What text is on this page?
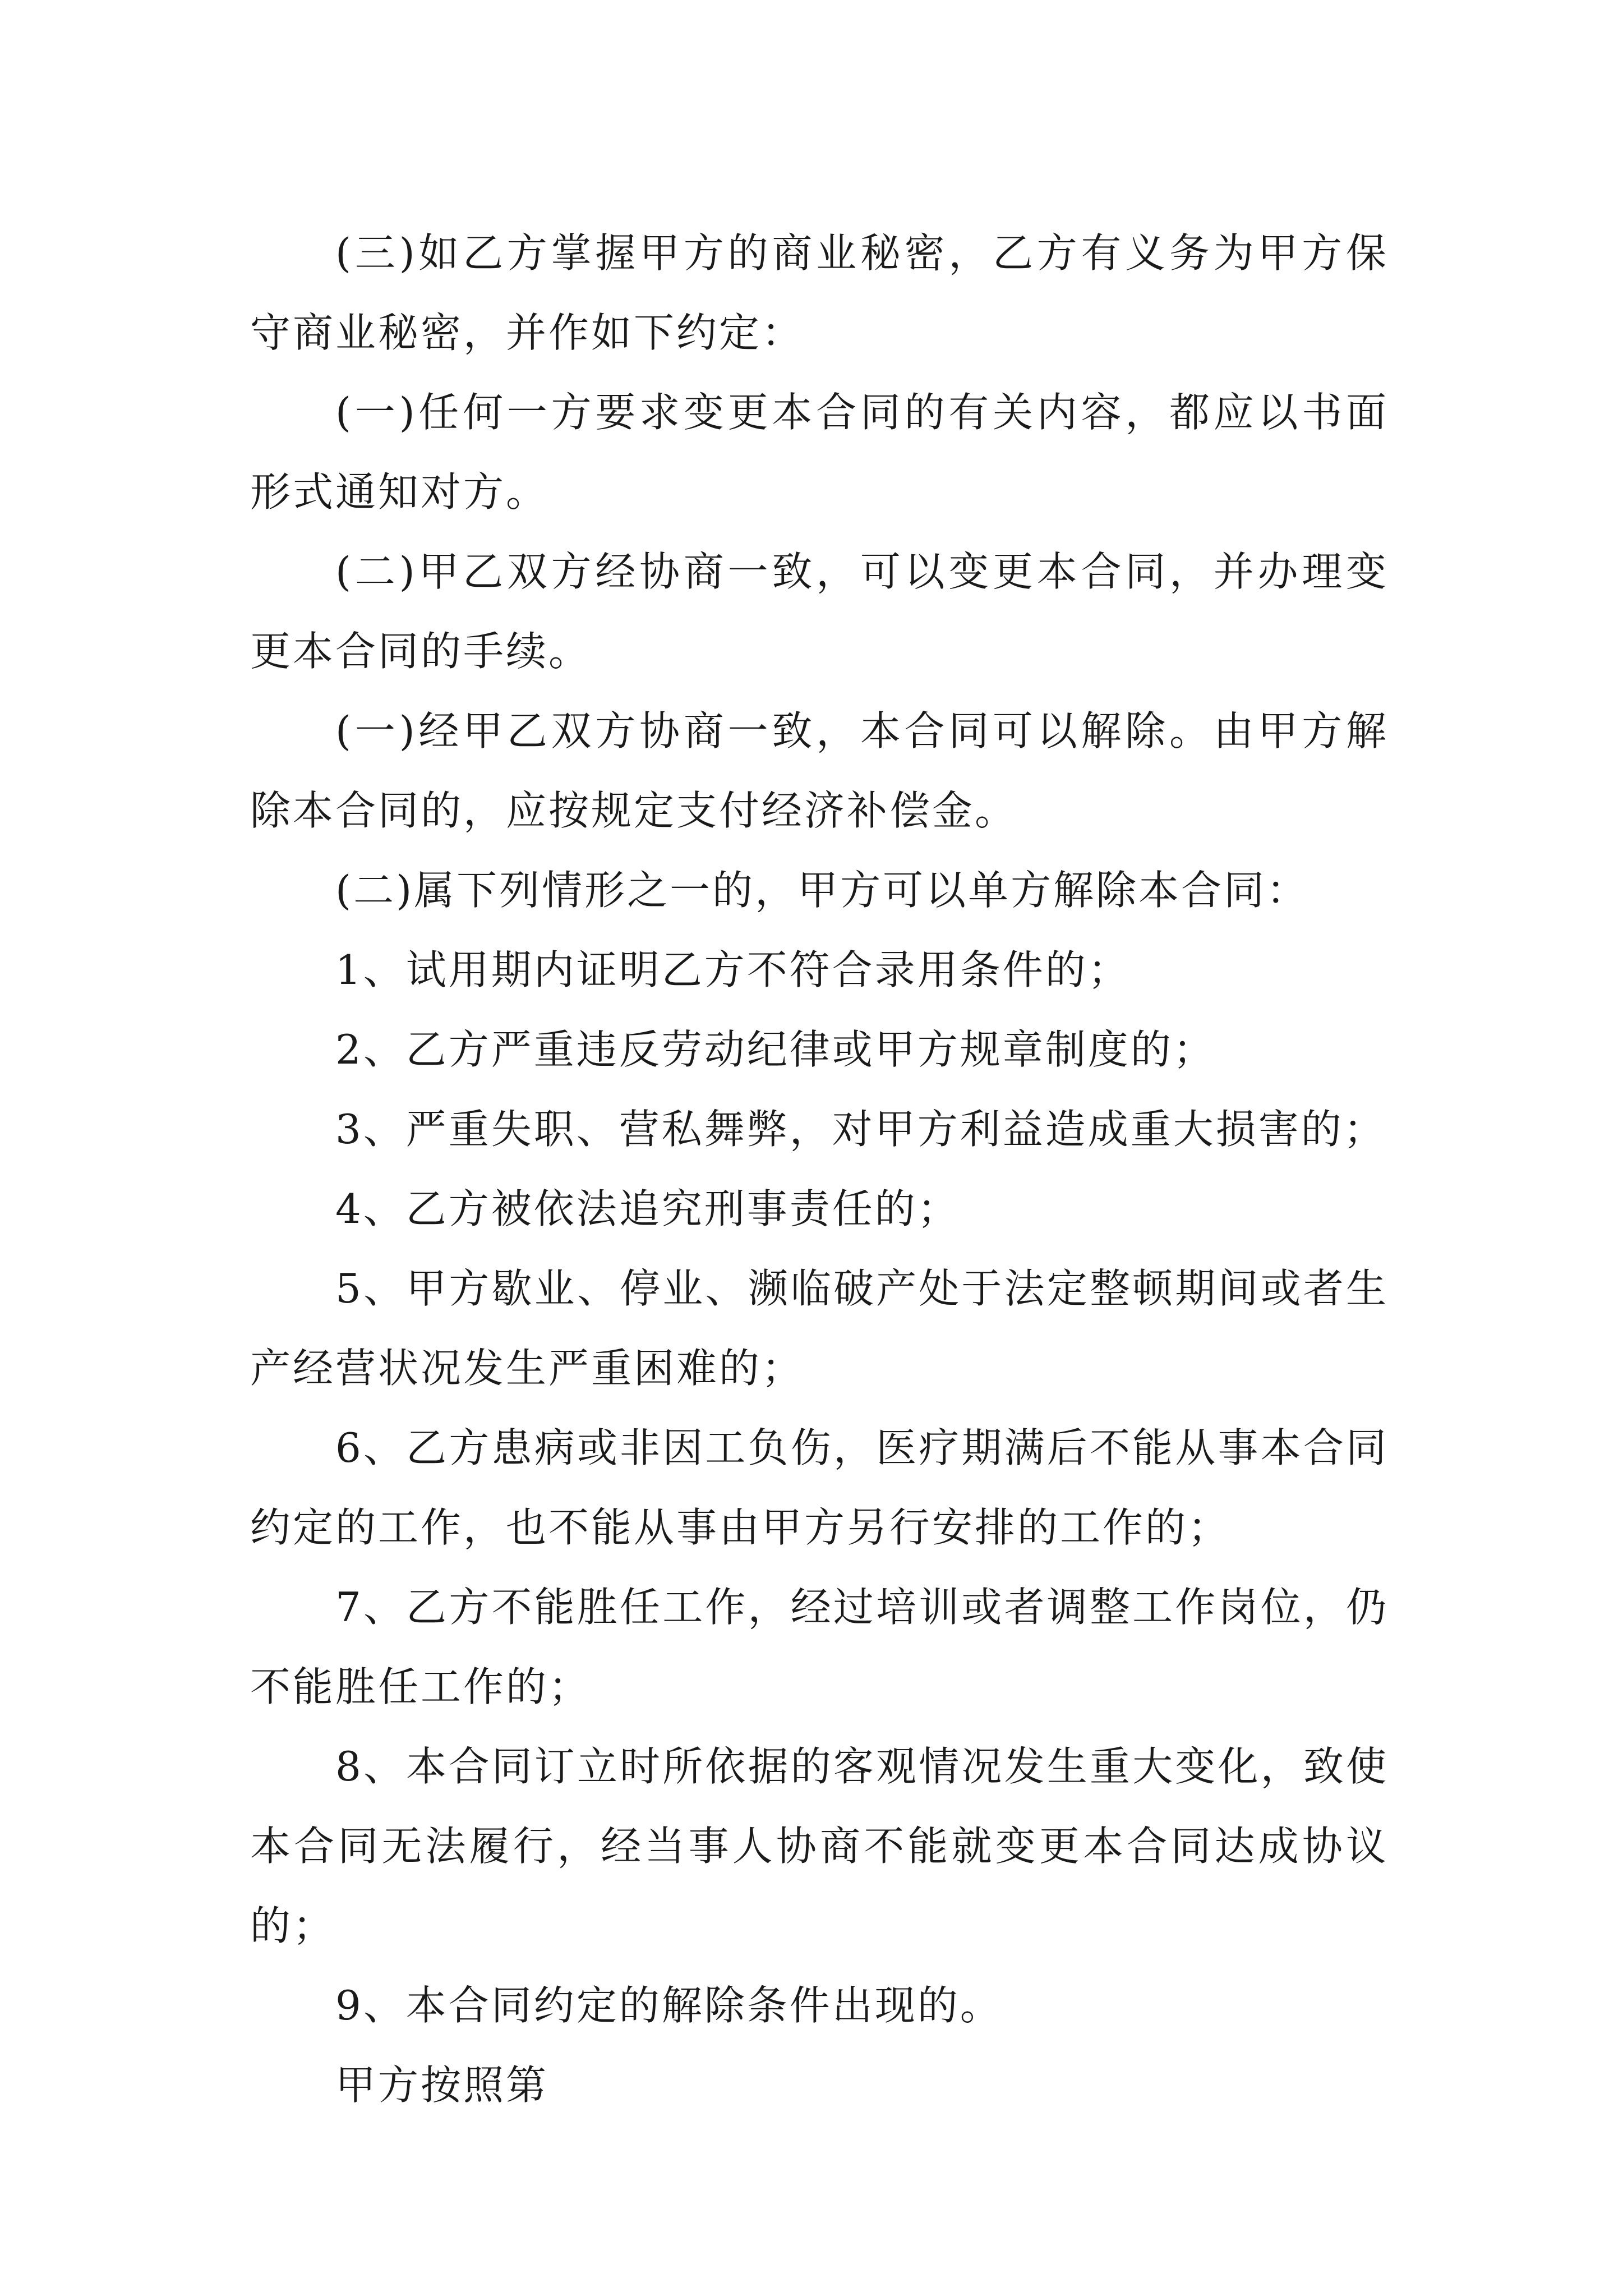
(三)如乙方掌握甲方的商业秘密，乙方有义务为甲方保守商业秘密，并作如下约定：

(一)任何一方要求变更本合同的有关内容，都应以书面形式通知对方。

(二)甲乙双方经协商一致，可以变更本合同，并办理变更本合同的手续。

(一)经甲乙双方协商一致，本合同可以解除。由甲方解除本合同的，应按规定支付经济补偿金。

(二)属下列情形之一的，甲方可以单方解除本合同：

1、试用期内证明乙方不符合录用条件的；

2、乙方严重违反劳动纪律或甲方规章制度的；

3、严重失职、营私舞弊，对甲方利益造成重大损害的；

4、乙方被依法追究刑事责任的；

5、甲方歇业、停业、濒临破产处于法定整顿期间或者生产经营状况发生严重困难的；

6、乙方患病或非因工负伤，医疗期满后不能从事本合同约定的工作，也不能从事由甲方另行安排的工作的；

7、乙方不能胜任工作，经过培训或者调整工作岗位，仍不能胜任工作的；

8、本合同订立时所依据的客观情况发生重大变化，致使本合同无法履行，经当事人协商不能就变更本合同达成协议的；

9、本合同约定的解除条件出现的。

甲方按照第
